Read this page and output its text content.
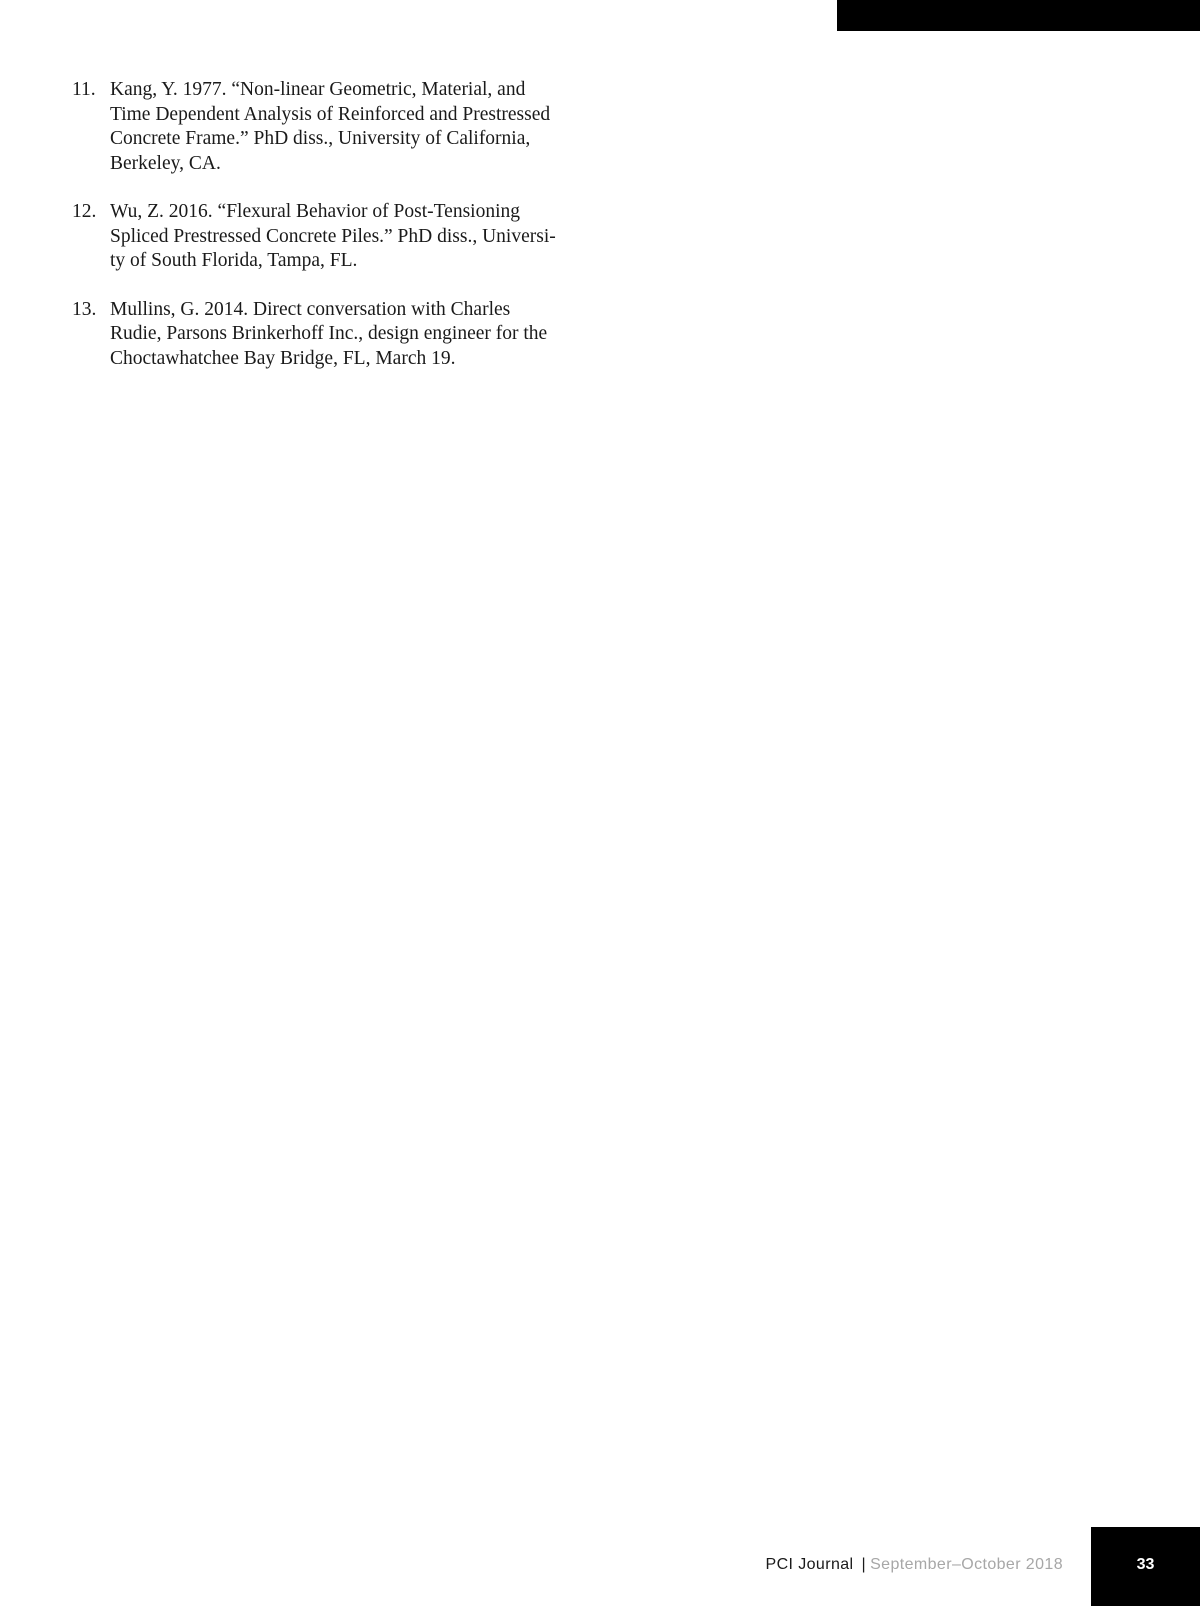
11. Kang, Y. 1977. “Non-linear Geometric, Material, and
Time Dependent Analysis of Reinforced and Prestressed
Concrete Frame.” PhD diss., University of California,
Berkeley, CA.
12. Wu, Z. 2016. “Flexural Behavior of Post-Tensioning
Spliced Prestressed Concrete Piles.” PhD diss., Universi-
ty of South Florida, Tampa, FL.
13. Mullins, G. 2014. Direct conversation with Charles
Rudie, Parsons Brinkerhoff Inc., design engineer for the
Choctawhatchee Bay Bridge, FL, March 19.
PCI Journal | September–October 2018	33
